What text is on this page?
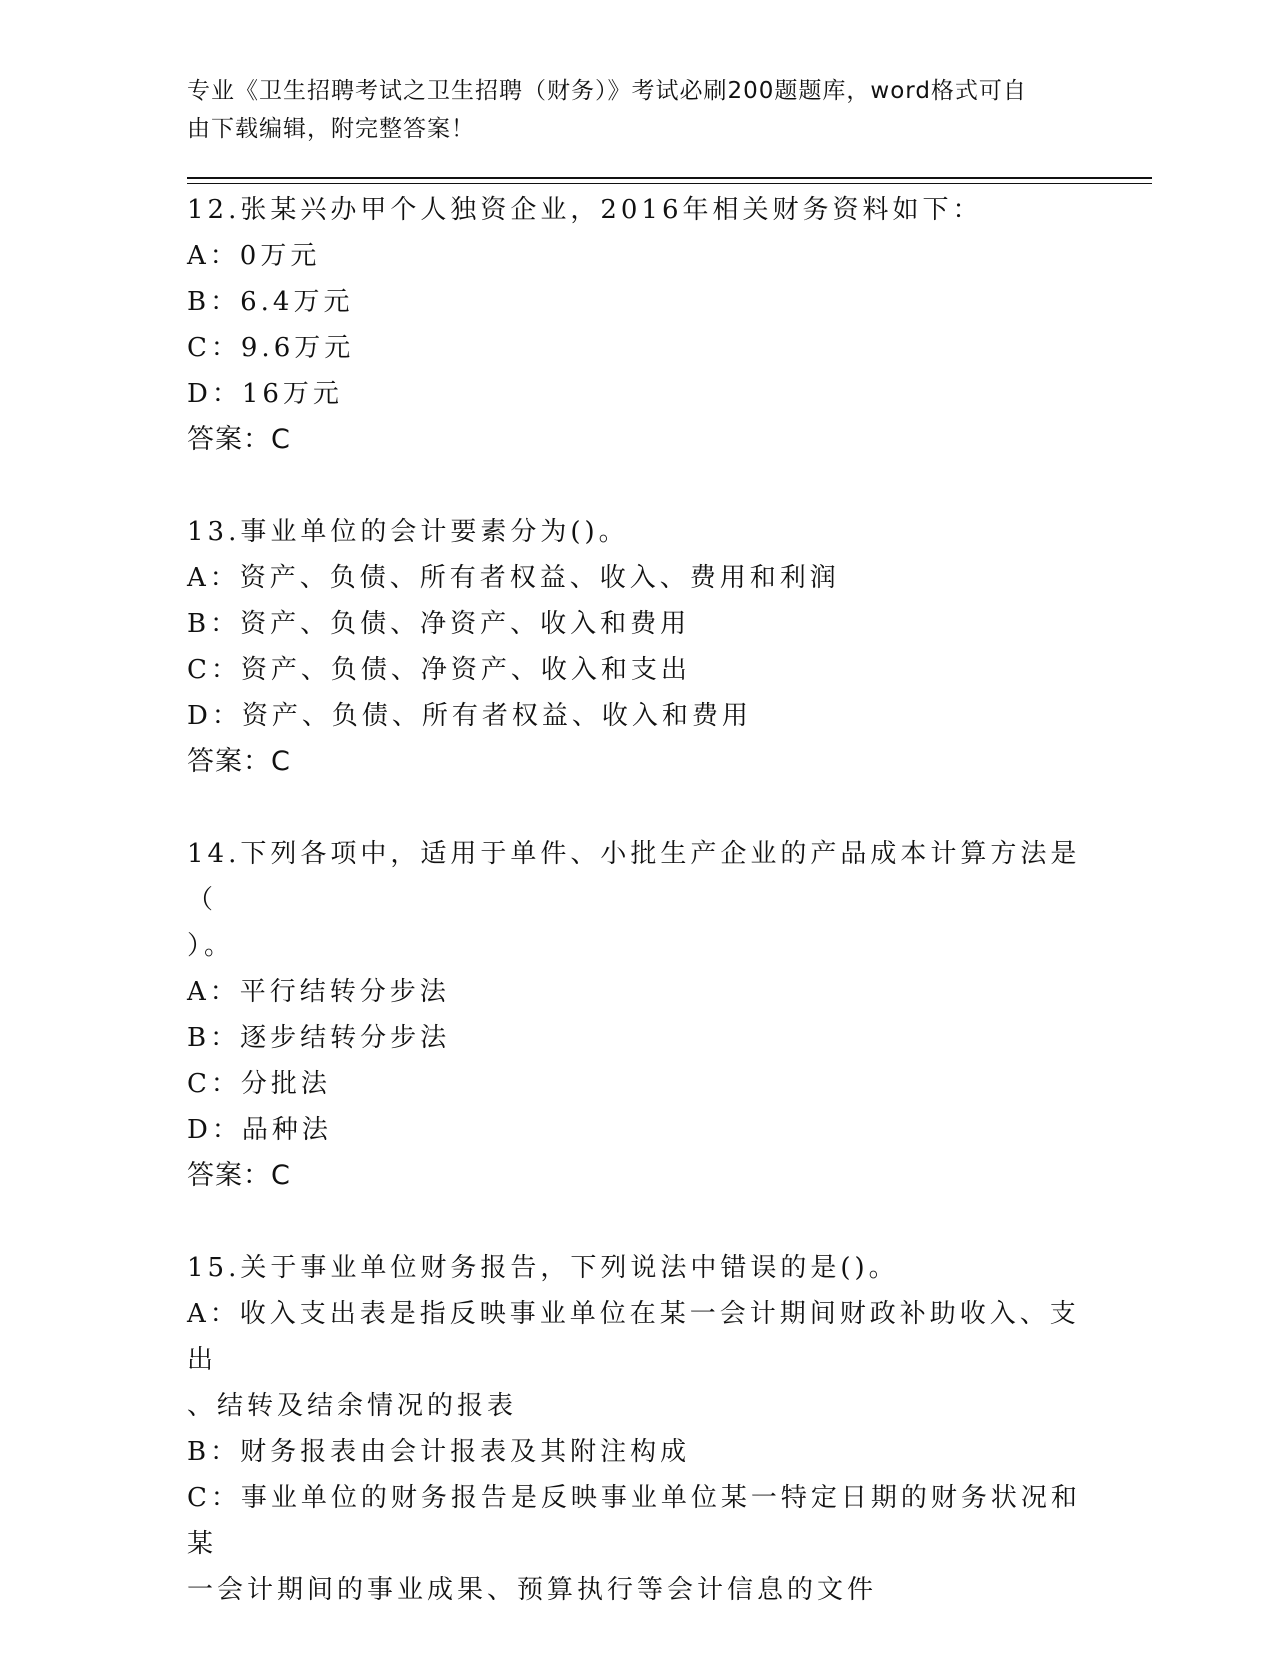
专业《卫生招聘考试之卫生招聘（财务）》考试必刷200题题库，word格式可自
由下载编辑，附完整答案！
12.张某兴办甲个人独资企业，2016年相关财务资料如下：
A：0万元
B：6.4万元
C：9.6万元
D：16万元
答案：C
13.事业单位的会计要素分为()。
A：资产、负债、所有者权益、收入、费用和利润
B：资产、负债、净资产、收入和费用
C：资产、负债、净资产、收入和支出
D：资产、负债、所有者权益、收入和费用
答案：C
14.下列各项中，适用于单件、小批生产企业的产品成本计算方法是（
）。
A：平行结转分步法
B：逐步结转分步法
C：分批法
D：品种法
答案：C
15.关于事业单位财务报告，下列说法中错误的是()。
A：收入支出表是指反映事业单位在某一会计期间财政补助收入、支出
、结转及结余情况的报表
B：财务报表由会计报表及其附注构成
C：事业单位的财务报告是反映事业单位某一特定日期的财务状况和某
一会计期间的事业成果、预算执行等会计信息的文件
